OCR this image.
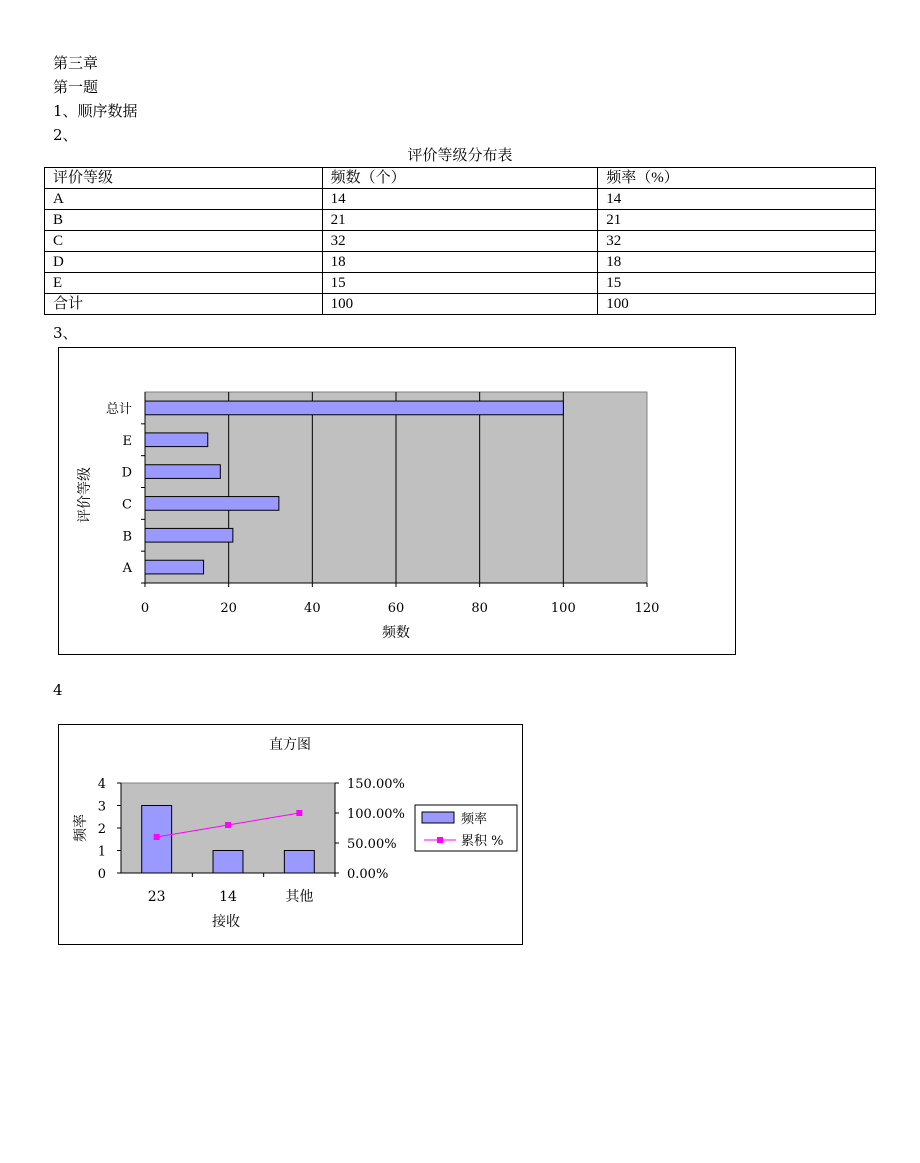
第三章
第一题
1、顺序数据
2、
评价等级分布表
评价等级	频数（个）	频率（%）
A	14	14
B	21	21
C	32	32
D	18	18
E	15	15
合计	100	100
3、
评价等级
频数
0	20	40	60	80	100	120
A
B
C
D
E
总计
4
直方图
频率
接收
0
1
2
3
4
0.00%
50.00%
100.00%
150.00%
23	14	其他
频率
累积 %
